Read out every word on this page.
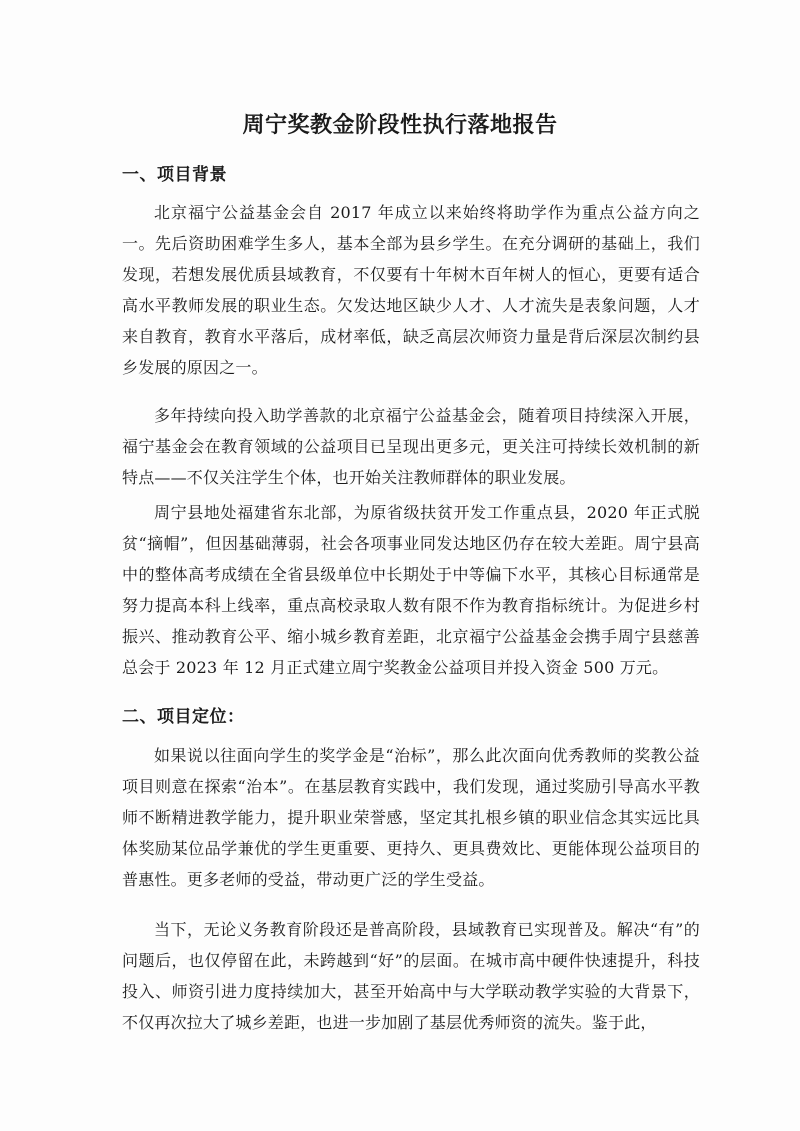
周宁奖教金阶段性执行落地报告
一、项目背景

北京福宁公益基金会自 2017 年成立以来始终将助学作为重点公益方向之一。先后资助困难学生多人，基本全部为县乡学生。在充分调研的基础上，我们发现，若想发展优质县域教育，不仅要有十年树木百年树人的恒心，更要有适合高水平教师发展的职业生态。欠发达地区缺少人才、人才流失是表象问题，人才来自教育，教育水平落后，成材率低，缺乏高层次师资力量是背后深层次制约县乡发展的原因之一。

多年持续向投入助学善款的北京福宁公益基金会，随着项目持续深入开展，福宁基金会在教育领域的公益项目已呈现出更多元，更关注可持续长效机制的新特点——不仅关注学生个体，也开始关注教师群体的职业发展。

周宁县地处福建省东北部，为原省级扶贫开发工作重点县，2020 年正式脱贫“摘帽”，但因基础薄弱，社会各项事业同发达地区仍存在较大差距。周宁县高中的整体高考成绩在全省县级单位中长期处于中等偏下水平，其核心目标通常是努力提高本科上线率，重点高校录取人数有限不作为教育指标统计。为促进乡村振兴、推动教育公平、缩小城乡教育差距，北京福宁公益基金会携手周宁县慈善总会于 2023 年 12 月正式建立周宁奖教金公益项目并投入资金 500 万元。

二、项目定位：

如果说以往面向学生的奖学金是“治标”，那么此次面向优秀教师的奖教公益项目则意在探索“治本”。在基层教育实践中，我们发现，通过奖励引导高水平教师不断精进教学能力，提升职业荣誉感，坚定其扎根乡镇的职业信念其实远比具体奖励某位品学兼优的学生更重要、更持久、更具费效比、更能体现公益项目的普惠性。更多老师的受益，带动更广泛的学生受益。

当下，无论义务教育阶段还是普高阶段，县域教育已实现普及。解决“有”的问题后，也仅停留在此，未跨越到“好”的层面。在城市高中硬件快速提升，科技投入、师资引进力度持续加大，甚至开始高中与大学联动教学实验的大背景下，不仅再次拉大了城乡差距，也进一步加剧了基层优秀师资的流失。鉴于此，
